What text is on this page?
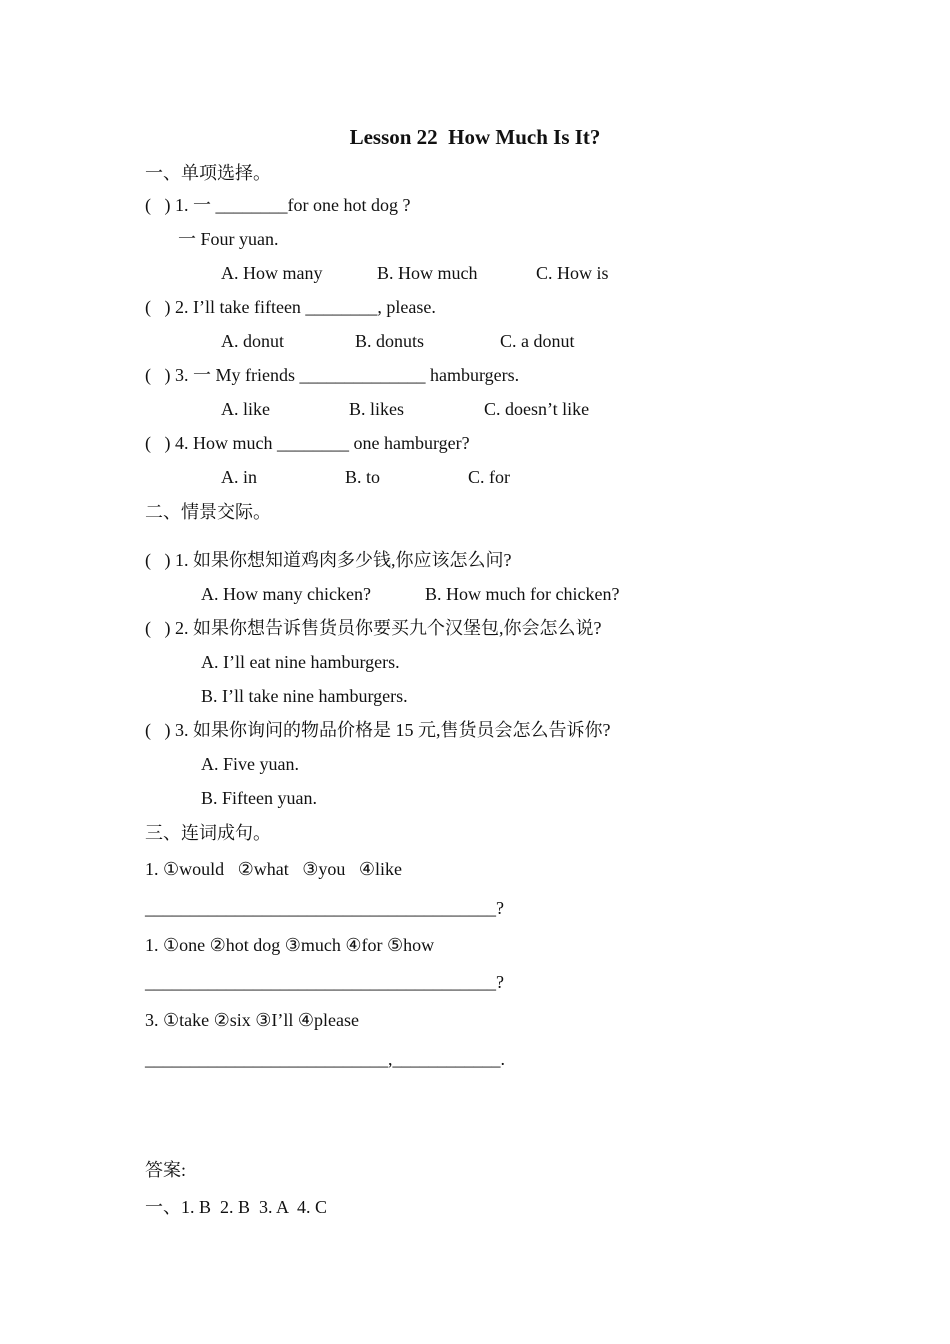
Lesson 22  How Much Is It?
一、单项选择。
(   ) 1. 一 ________for one hot dog ?
一 Four yuan.
A. How many	B. How much	C. How is
(   ) 2. I’ll take fifteen ________, please.
A. donut	B. donuts	C. a donut
(   ) 3. 一 My friends ______________ hamburgers.
A. like	B. likes	C. doesn’t like
(   ) 4. How much ________ one hamburger?
A. in	B. to	C. for
二、情景交际。
(   ) 1. 如果你想知道鸡肉多少钱,你应该怎么问?
A. How many chicken?	B. How much for chicken?
(   ) 2. 如果你想告诉售货员你要买九个汉堡包,你会怎么说?
A. I’ll eat nine hamburgers.
B. I’ll take nine hamburgers.
(   ) 3. 如果你询问的物品价格是 15 元,售货员会怎么告诉你?
A. Five yuan.
B. Fifteen yuan.
三、连词成句。
1. ①would   ②what   ③you   ④like
_______________________________________?
1. ①one ②hot dog ③much ④for ⑤how
_______________________________________?
3. ①take ②six ③I’ll ④please
___________________________,____________.
答案:
一、1. B  2. B  3. A  4. C
